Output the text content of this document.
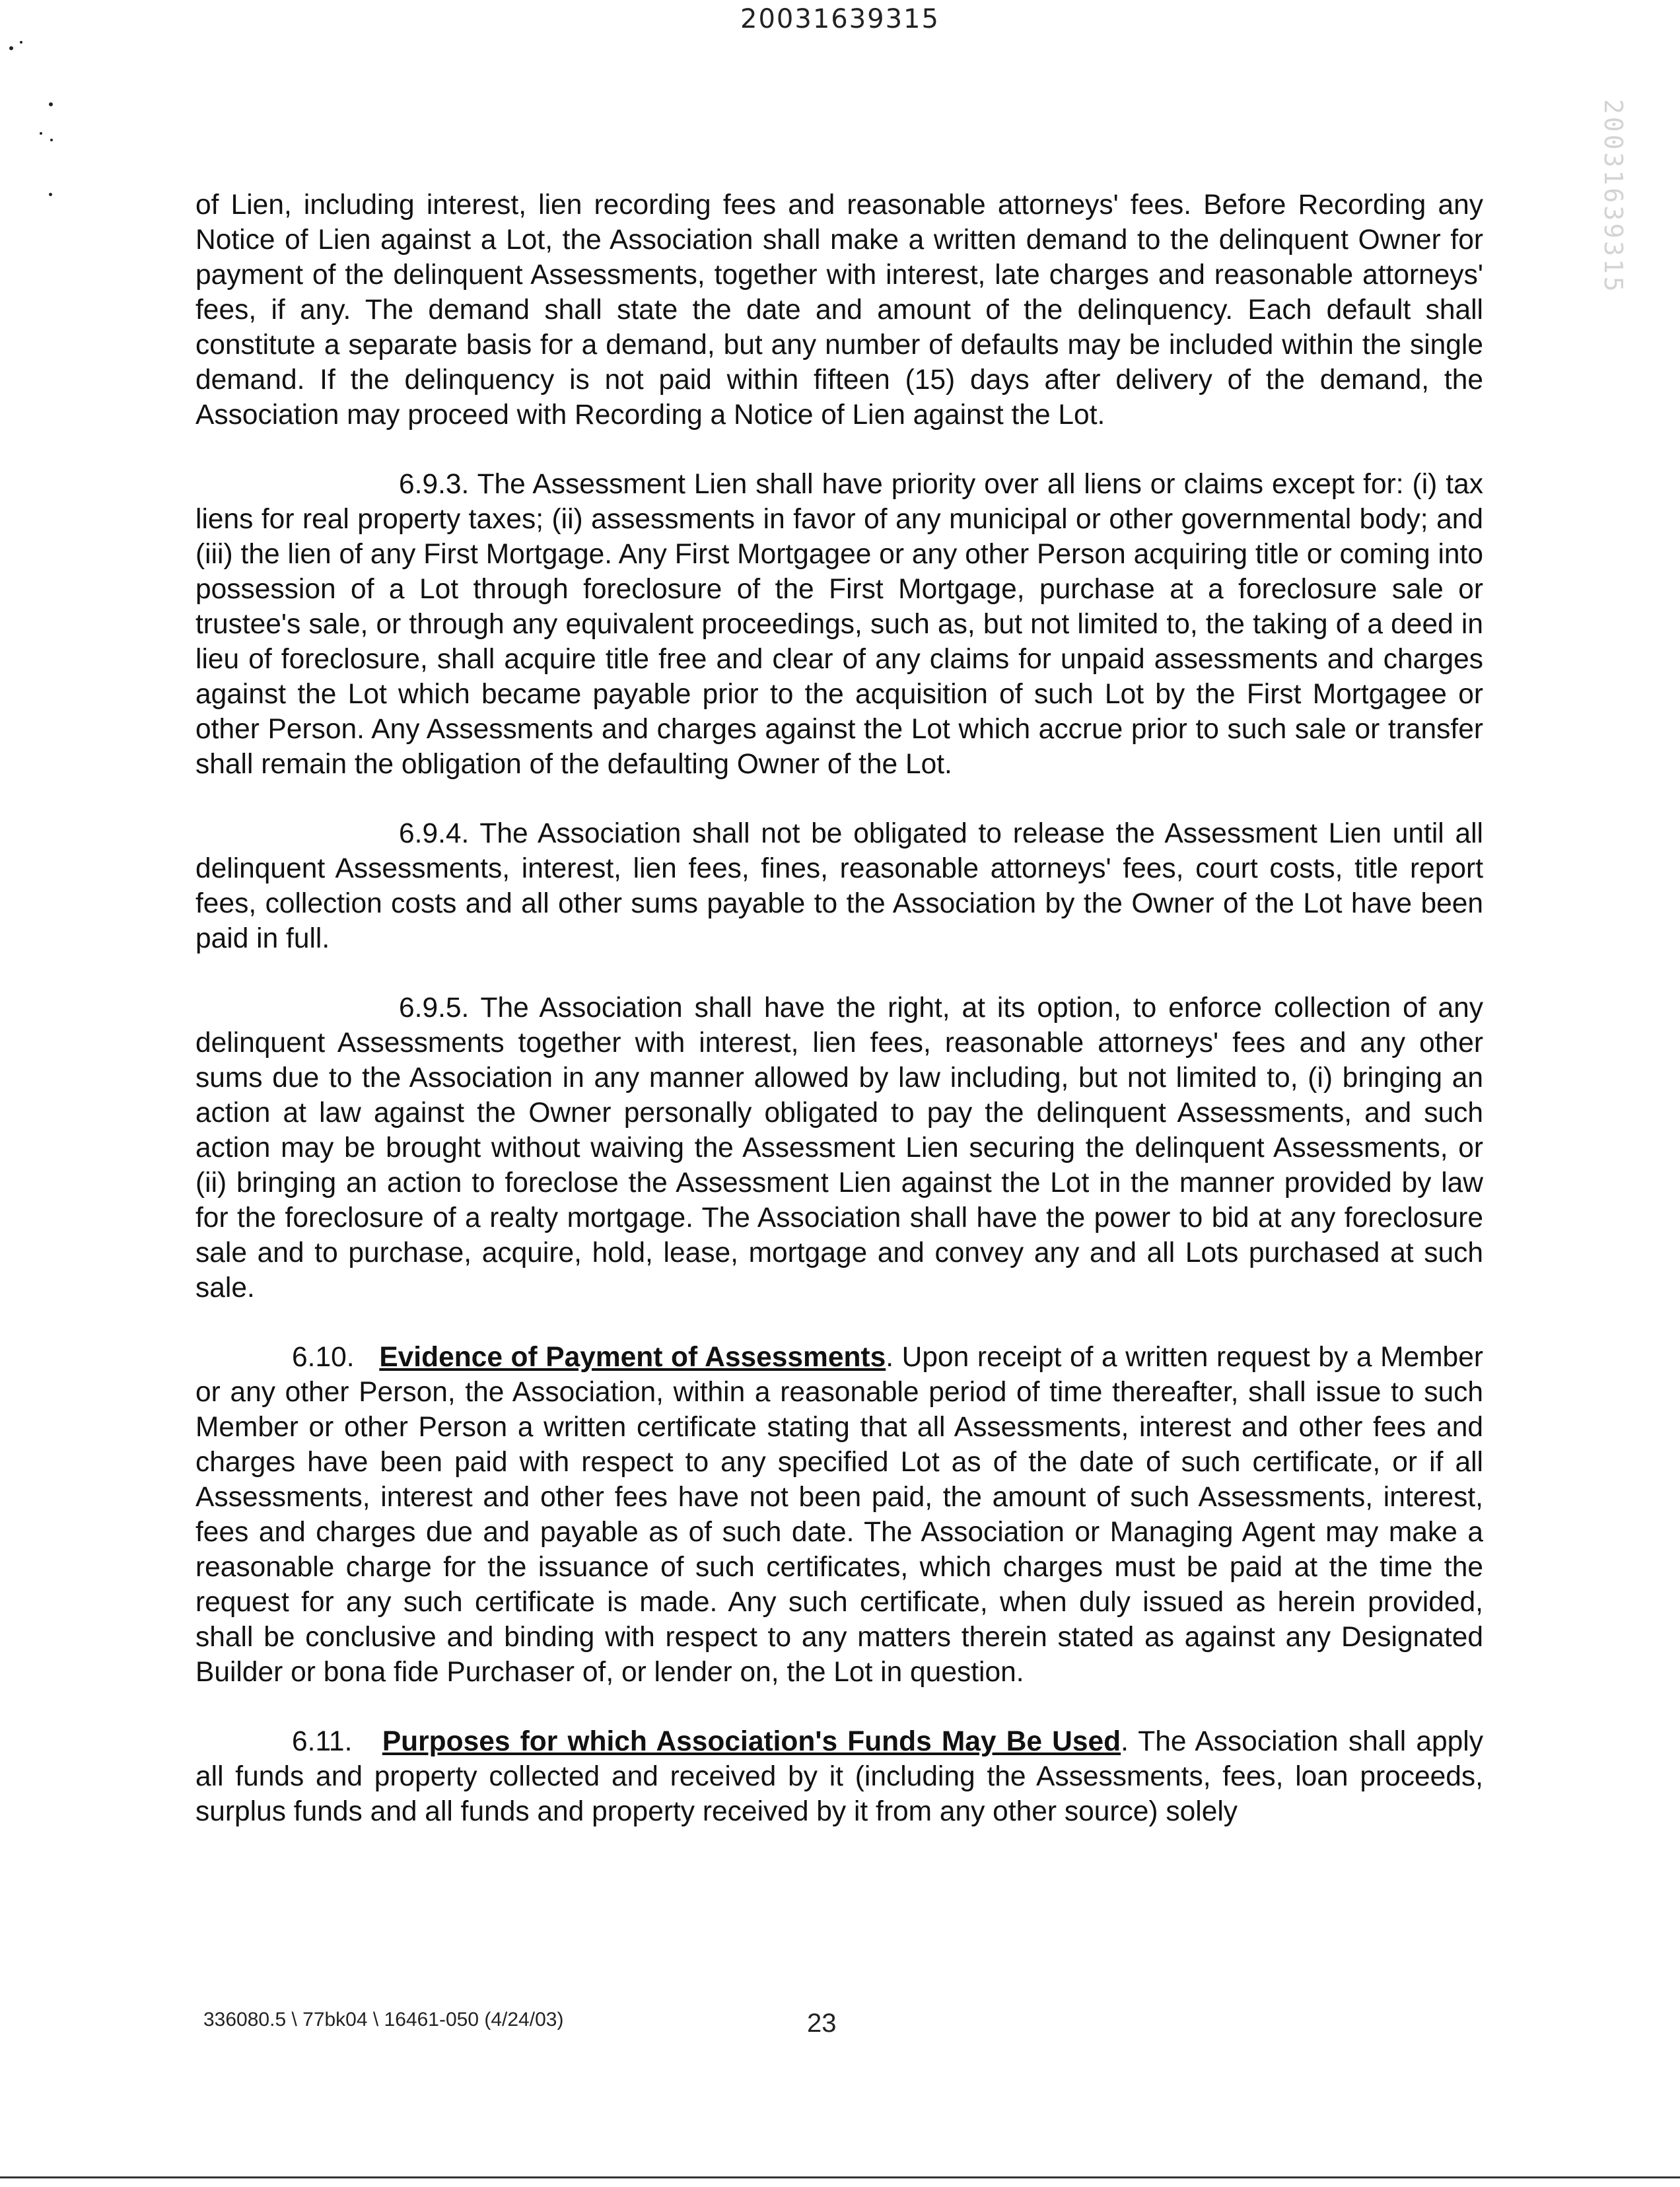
20031639315
20031639315

of Lien, including interest, lien recording fees and reasonable attorneys' fees. Before Recording any Notice of Lien against a Lot, the Association shall make a written demand to the delinquent Owner for payment of the delinquent Assessments, together with interest, late charges and reasonable attorneys' fees, if any. The demand shall state the date and amount of the delinquency. Each default shall constitute a separate basis for a demand, but any number of defaults may be included within the single demand. If the delinquency is not paid within fifteen (15) days after delivery of the demand, the Association may proceed with Recording a Notice of Lien against the Lot.

6.9.3. The Assessment Lien shall have priority over all liens or claims except for: (i) tax liens for real property taxes; (ii) assessments in favor of any municipal or other governmental body; and (iii) the lien of any First Mortgage. Any First Mortgagee or any other Person acquiring title or coming into possession of a Lot through foreclosure of the First Mortgage, purchase at a foreclosure sale or trustee's sale, or through any equivalent proceedings, such as, but not limited to, the taking of a deed in lieu of foreclosure, shall acquire title free and clear of any claims for unpaid assessments and charges against the Lot which became payable prior to the acquisition of such Lot by the First Mortgagee or other Person. Any Assessments and charges against the Lot which accrue prior to such sale or transfer shall remain the obligation of the defaulting Owner of the Lot.

6.9.4. The Association shall not be obligated to release the Assessment Lien until all delinquent Assessments, interest, lien fees, fines, reasonable attorneys' fees, court costs, title report fees, collection costs and all other sums payable to the Association by the Owner of the Lot have been paid in full.

6.9.5. The Association shall have the right, at its option, to enforce collection of any delinquent Assessments together with interest, lien fees, reasonable attorneys' fees and any other sums due to the Association in any manner allowed by law including, but not limited to, (i) bringing an action at law against the Owner personally obligated to pay the delinquent Assessments, and such action may be brought without waiving the Assessment Lien securing the delinquent Assessments, or (ii) bringing an action to foreclose the Assessment Lien against the Lot in the manner provided by law for the foreclosure of a realty mortgage. The Association shall have the power to bid at any foreclosure sale and to purchase, acquire, hold, lease, mortgage and convey any and all Lots purchased at such sale.

6.10. Evidence of Payment of Assessments. Upon receipt of a written request by a Member or any other Person, the Association, within a reasonable period of time thereafter, shall issue to such Member or other Person a written certificate stating that all Assessments, interest and other fees and charges have been paid with respect to any specified Lot as of the date of such certificate, or if all Assessments, interest and other fees have not been paid, the amount of such Assessments, interest, fees and charges due and payable as of such date. The Association or Managing Agent may make a reasonable charge for the issuance of such certificates, which charges must be paid at the time the request for any such certificate is made. Any such certificate, when duly issued as herein provided, shall be conclusive and binding with respect to any matters therein stated as against any Designated Builder or bona fide Purchaser of, or lender on, the Lot in question.

6.11. Purposes for which Association's Funds May Be Used. The Association shall apply all funds and property collected and received by it (including the Assessments, fees, loan proceeds, surplus funds and all funds and property received by it from any other source) solely

336080.5 \ 77bk04 \ 16461-050 (4/24/03)	23
